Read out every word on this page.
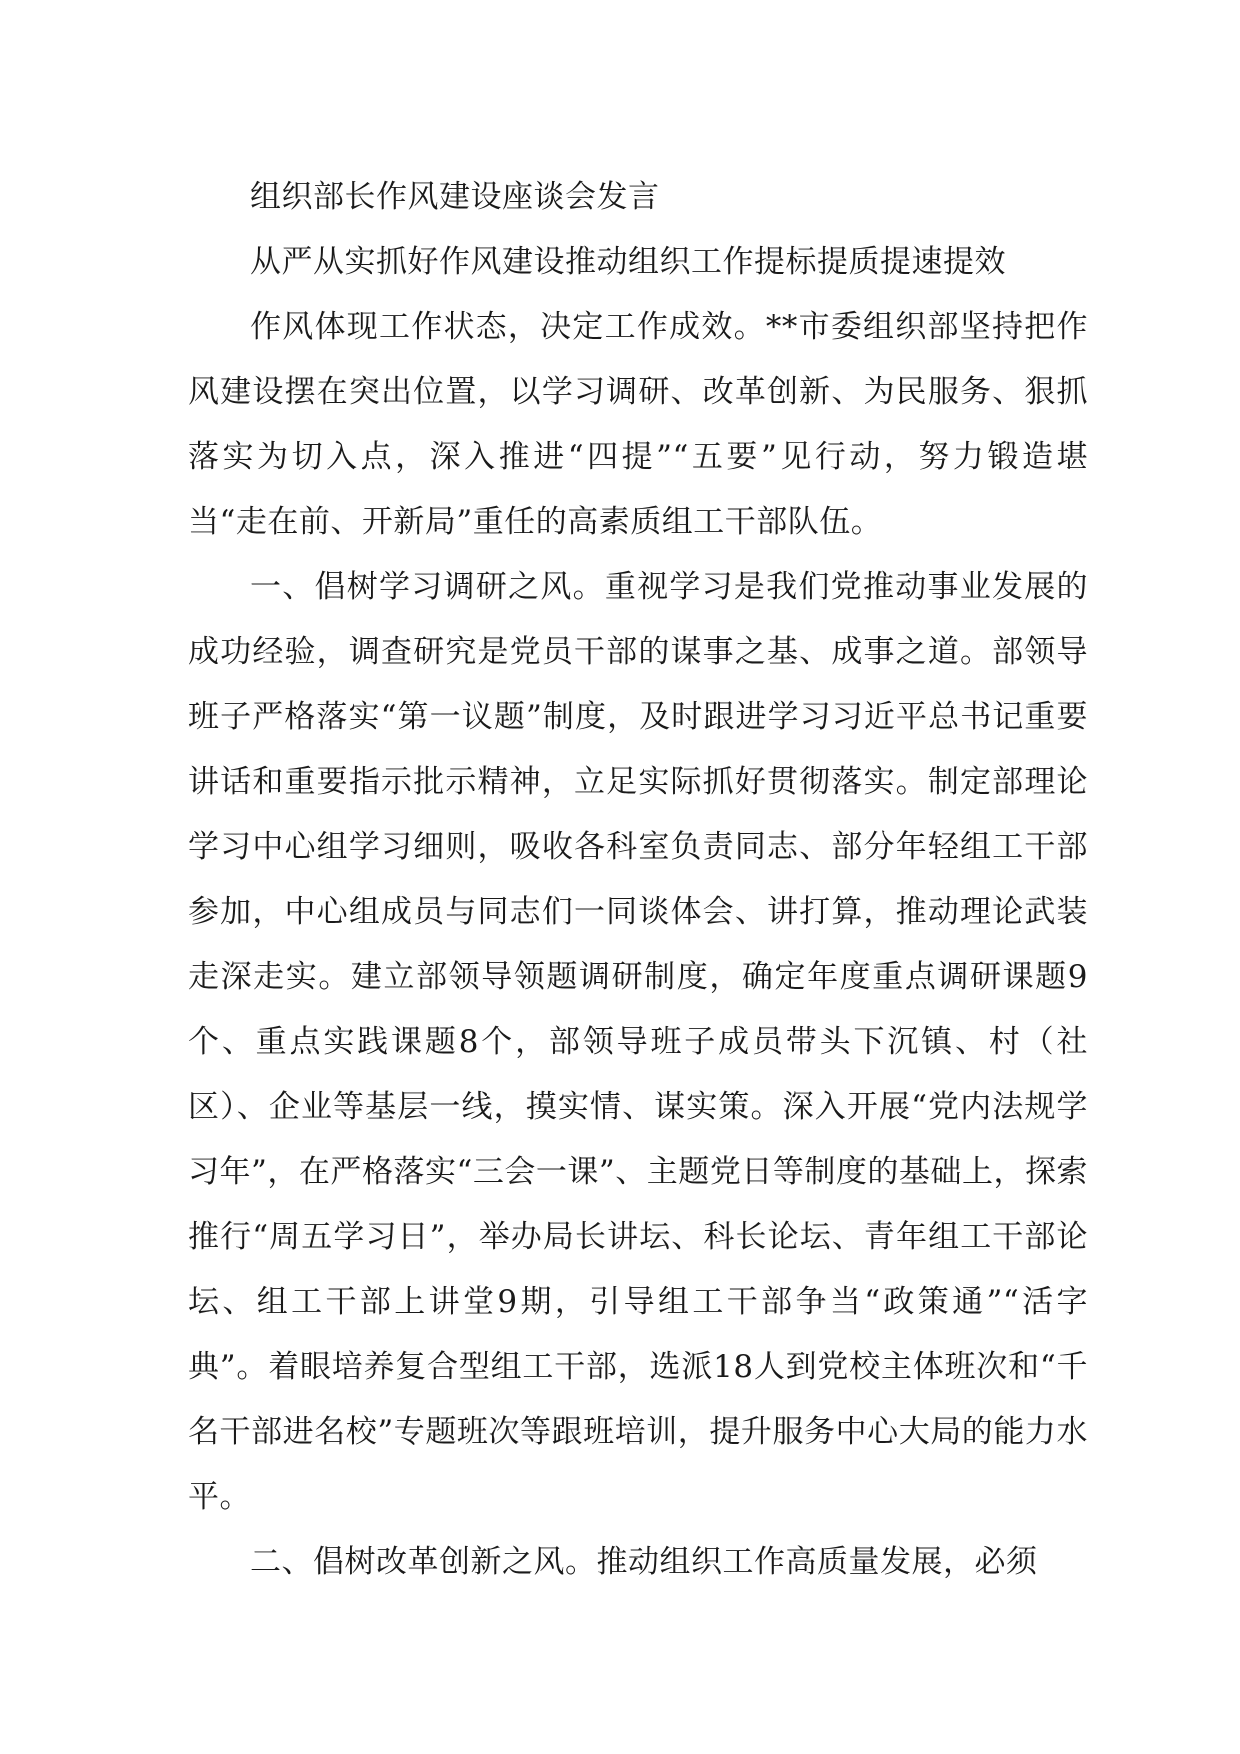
组织部长作风建设座谈会发言

从严从实抓好作风建设推动组织工作提标提质提速提效

作风体现工作状态，决定工作成效。**市委组织部坚持把作风建设摆在突出位置，以学习调研、改革创新、为民服务、狠抓落实为切入点，深入推进“四提”“五要”见行动，努力锻造堪当“走在前、开新局”重任的高素质组工干部队伍。

一、倡树学习调研之风。重视学习是我们党推动事业发展的成功经验，调查研究是党员干部的谋事之基、成事之道。部领导班子严格落实“第一议题”制度，及时跟进学习习近平总书记重要讲话和重要指示批示精神，立足实际抓好贯彻落实。制定部理论学习中心组学习细则，吸收各科室负责同志、部分年轻组工干部参加，中心组成员与同志们一同谈体会、讲打算，推动理论武装走深走实。建立部领导领题调研制度，确定年度重点调研课题9个、重点实践课题8个，部领导班子成员带头下沉镇、村（社区）、企业等基层一线，摸实情、谋实策。深入开展“党内法规学习年”，在严格落实“三会一课”、主题党日等制度的基础上，探索推行“周五学习日”，举办局长讲坛、科长论坛、青年组工干部论坛、组工干部上讲堂9期，引导组工干部争当“政策通”“活字典”。着眼培养复合型组工干部，选派18人到党校主体班次和“千名干部进名校”专题班次等跟班培训，提升服务中心大局的能力水平。

二、倡树改革创新之风。推动组织工作高质量发展，必须
